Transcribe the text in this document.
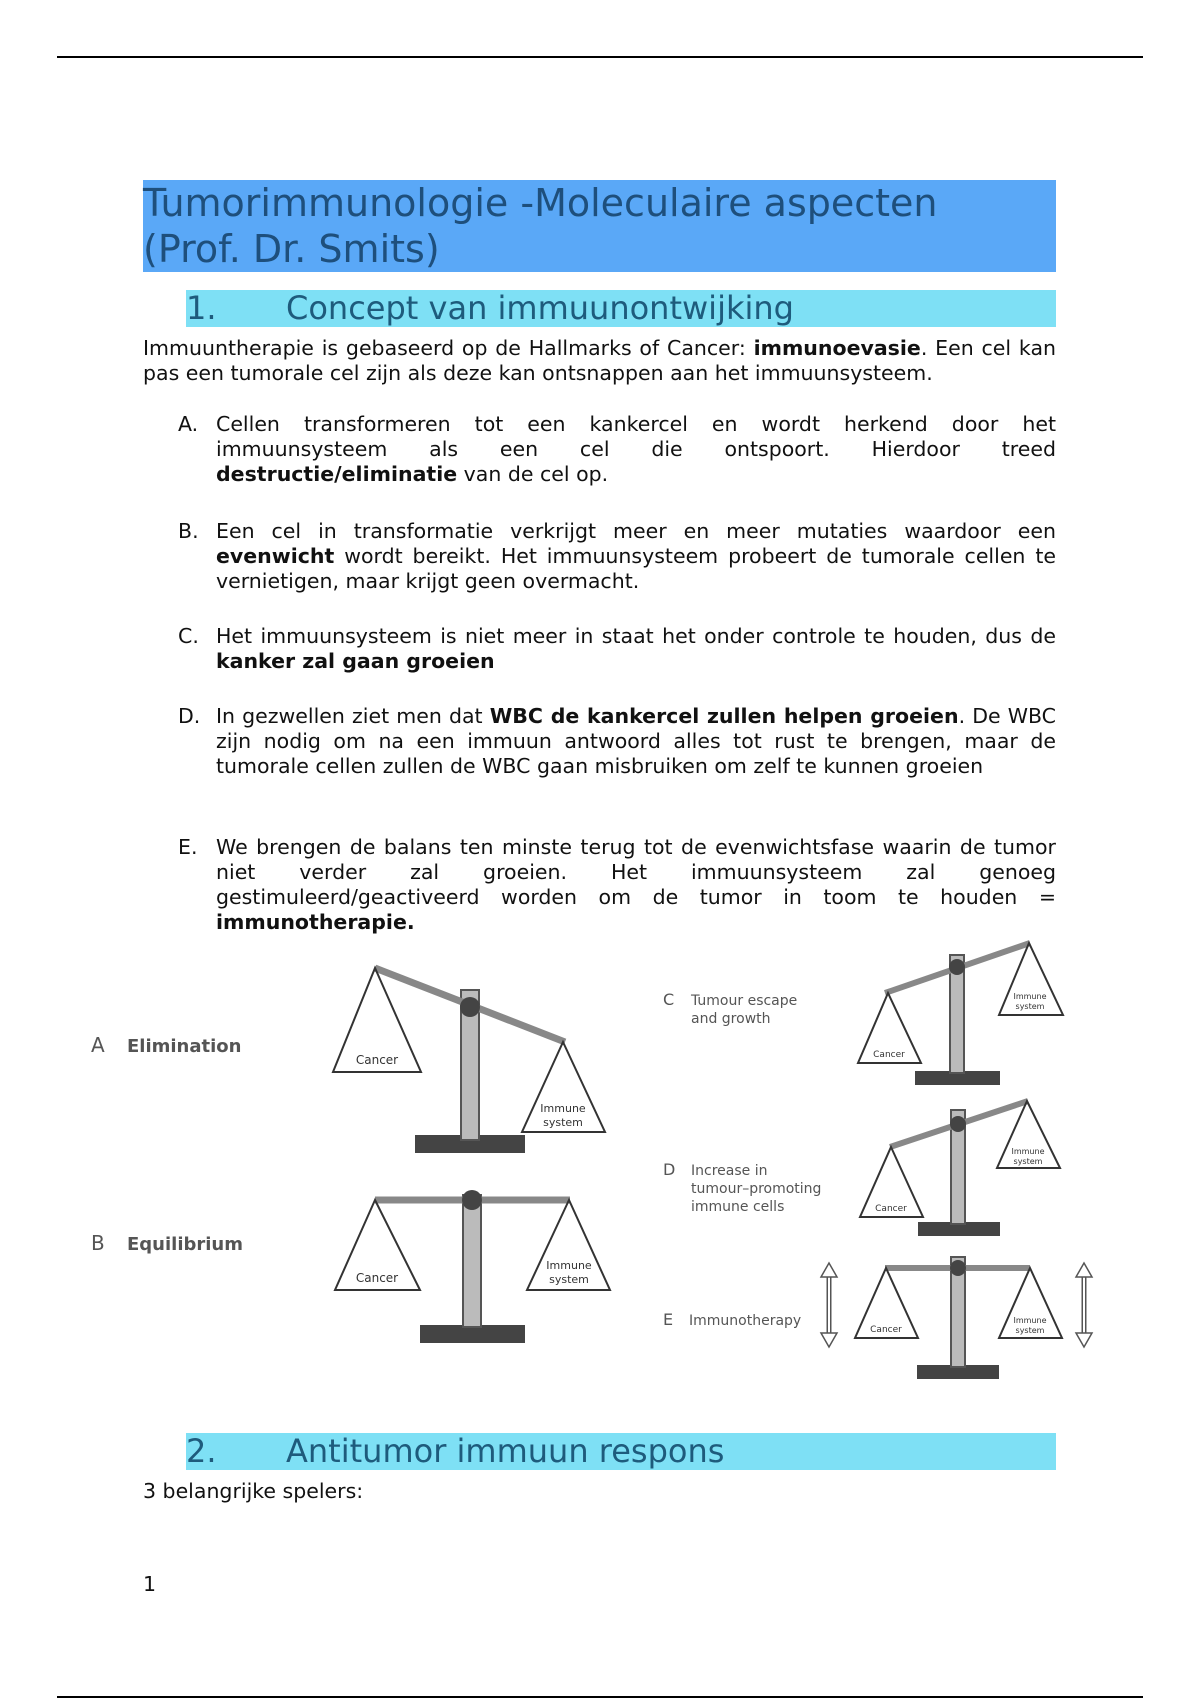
Tumorimmunologie -Moleculaire aspecten
(Prof. Dr. Smits)
1. Concept van immuunontwijking
Immuuntherapie is gebaseerd op de Hallmarks of Cancer: immunoevasie. Een cel kan pas een tumorale cel zijn als deze kan ontsnappen aan het immuunsysteem.
A. Cellen transformeren tot een kankercel en wordt herkend door het immuunsysteem als een cel die ontspoort. Hierdoor treed destructie/eliminatie van de cel op.
B. Een cel in transformatie verkrijgt meer en meer mutaties waardoor een evenwicht wordt bereikt. Het immuunsysteem probeert de tumorale cellen te vernietigen, maar krijgt geen overmacht.
C. Het immuunsysteem is niet meer in staat het onder controle te houden, dus de kanker zal gaan groeien
D. In gezwellen ziet men dat WBC de kankercel zullen helpen groeien. De WBC zijn nodig om na een immuun antwoord alles tot rust te brengen, maar de tumorale cellen zullen de WBC gaan misbruiken om zelf te kunnen groeien
E. We brengen de balans ten minste terug tot de evenwichtsfase waarin de tumor niet verder zal groeien. Het immuunsysteem zal genoeg gestimuleerd/geactiveerd worden om de tumor in toom te houden = immunotherapie.
A Elimination
Cancer
Immune
system
B Equilibrium
Cancer
Immune
system
C Tumour escape
and growth
Cancer
Immune
system
D Increase in
tumour–promoting
immune cells	Cancer
Immune
system
E Immunotherapy
Cancer
Immune
system
2. Antitumor immuun respons
3 belangrijke spelers:
1
